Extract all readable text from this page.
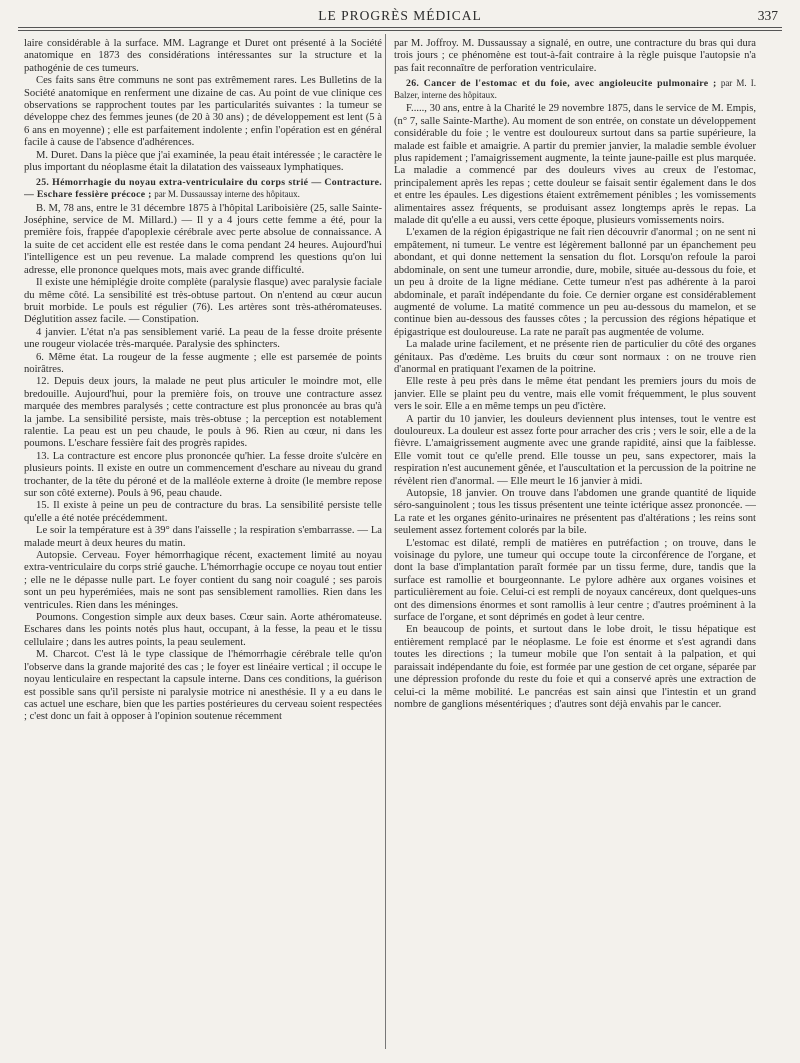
LE PROGRÈS MÉDICAL	337

laire considérable à la surface. MM. Lagrange et Duret ont présenté à la Société anatomique en 1873 des considérations intéressantes sur la structure et la pathogénie de ces tumeurs.

Ces faits sans être communs ne sont pas extrêmement rares. Les Bulletins de la Société anatomique en renferment une dizaine de cas. Au point de vue clinique ces observations se rapprochent toutes par les particularités suivantes : la tumeur se développe chez des femmes jeunes (de 20 à 30 ans) ; de développement est lent (5 à 6 ans en moyenne) ; elle est parfaitement indolente ; enfin l'opération est en général facile à cause de l'absence d'adhérences.

M. Duret. Dans la pièce que j'ai examinée, la peau était intéressée ; le caractère le plus important du néoplasme était la dilatation des vaisseaux lymphatiques.

25. Hémorrhagie du noyau extra-ventriculaire du corps strié — Contracture. — Eschare fessière précoce ; par M. Dussaussay interne des hôpitaux.

B. M, 78 ans, entre le 31 décembre 1875 à l'hôpital Lariboisière (25, salle Sainte-Joséphine, service de M. Millard.) — Il y a 4 jours cette femme a été, pour la première fois, frappée d'apoplexie cérébrale avec perte absolue de connaissance. A la suite de cet accident elle est restée dans le coma pendant 24 heures. Aujourd'hui l'intelligence est un peu revenue. La malade comprend les questions qu'on lui adresse, elle prononce quelques mots, mais avec grande difficulté.

Il existe une hémiplégie droite complète (paralysie flasque) avec paralysie faciale du même côté. La sensibilité est très-obtuse partout. On n'entend au cœur aucun bruit morbide. Le pouls est régulier (76). Les artères sont très-athéromateuses. Déglutition assez facile. — Constipation.

4 janvier. L'état n'a pas sensiblement varié. La peau de la fesse droite présente une rougeur violacée très-marquée. Paralysie des sphincters.

6. Même état. La rougeur de la fesse augmente ; elle est parsemée de points noirâtres.

12. Depuis deux jours, la malade ne peut plus articuler le moindre mot, elle bredouille. Aujourd'hui, pour la première fois, on trouve une contracture assez marquée des membres paralysés ; cette contracture est plus prononcée au bras qu'à la jambe. La sensibilité persiste, mais très-obtuse ; la perception est notablement ralentie. La peau est un peu chaude, le pouls à 96. Rien au cœur, ni dans les poumons. L'eschare fessière fait des progrès rapides.

13. La contracture est encore plus prononcée qu'hier. La fesse droite s'ulcère en plusieurs points. Il existe en outre un commencement d'eschare au niveau du grand trochanter, de la tête du péroné et de la malléole externe à droite (le membre repose sur son côté externe). Pouls à 96, peau chaude.

15. Il existe à peine un peu de contracture du bras. La sensibilité persiste telle qu'elle a été notée précédemment.

Le soir la température est à 39° dans l'aisselle ; la respiration s'embarrasse. — La malade meurt à deux heures du matin.

Autopsie. Cerveau. Foyer hémorrhagique récent, exactement limité au noyau extra-ventriculaire du corps strié gauche. L'hémorrhagie occupe ce noyau tout entier ; elle ne le dépasse nulle part. Le foyer contient du sang noir coagulé ; ses parois sont un peu hyperémiées, mais ne sont pas sensiblement ramollies. Rien dans les ventricules. Rien dans les méninges.

Poumons. Congestion simple aux deux bases. Cœur sain. Aorte athéromateuse. Eschares dans les points notés plus haut, occupant, à la fesse, la peau et le tissu cellulaire ; dans les autres points, la peau seulement.

M. Charcot. C'est là le type classique de l'hémorrhagie cérébrale telle qu'on l'observe dans la grande majorité des cas ; le foyer est linéaire vertical ; il occupe le noyau lenticulaire en respectant la capsule interne. Dans ces conditions, la guérison est possible sans qu'il persiste ni paralysie motrice ni anesthésie. Il y a eu dans le cas actuel une eschare, bien que les parties postérieures du cerveau soient respectées ; c'est donc un fait à opposer à l'opinion soutenue récemment

par M. Joffroy. M. Dussaussay a signalé, en outre, une contracture du bras qui dura trois jours ; ce phénomène est tout-à-fait contraire à la règle puisque l'autopsie n'a pas fait reconnaître de perforation ventriculaire.

26. Cancer de l'estomac et du foie, avec angioleucite pulmonaire ; par M. I. Balzer, interne des hôpitaux.

F....., 30 ans, entre à la Charité le 29 novembre 1875, dans le service de M. Empis, (n° 7, salle Sainte-Marthe). Au moment de son entrée, on constate un développement considérable du foie ; le ventre est douloureux surtout dans sa partie supérieure, la malade est faible et amaigrie. A partir du premier janvier, la maladie semble évoluer plus rapidement ; l'amaigrissement augmente, la teinte jaune-paille est plus marquée. La maladie a commencé par des douleurs vives au creux de l'estomac, principalement après les repas ; cette douleur se faisait sentir également dans le dos et entre les épaules. Les digestions étaient extrêmement pénibles ; les vomissements alimentaires assez fréquents, se produisant assez longtemps après le repas. La malade dit qu'elle a eu aussi, vers cette époque, plusieurs vomissements noirs.

L'examen de la région épigastrique ne fait rien découvrir d'anormal ; on ne sent ni empâtement, ni tumeur. Le ventre est légèrement ballonné par un épanchement peu abondant, et qui donne nettement la sensation du flot. Lorsqu'on refoule la paroi abdominale, on sent une tumeur arrondie, dure, mobile, située au-dessous du foie, et un peu à droite de la ligne médiane. Cette tumeur n'est pas adhérente à la paroi abdominale, et paraît indépendante du foie. Ce dernier organe est considérablement augmenté de volume. La matité commence un peu au-dessous du mamelon, et se continue bien au-dessous des fausses côtes ; la percussion des régions hépatique et épigastrique est douloureuse. La rate ne paraît pas augmentée de volume.

La malade urine facilement, et ne présente rien de particulier du côté des organes génitaux. Pas d'œdème. Les bruits du cœur sont normaux : on ne trouve rien d'anormal en pratiquant l'examen de la poitrine.

Elle reste à peu près dans le même état pendant les premiers jours du mois de janvier. Elle se plaint peu du ventre, mais elle vomit fréquemment, le plus souvent vers le soir. Elle a en même temps un peu d'ictère.

A partir du 10 janvier, les douleurs deviennent plus intenses, tout le ventre est douloureux. La douleur est assez forte pour arracher des cris ; vers le soir, elle a de la fièvre. L'amaigrissement augmente avec une grande rapidité, ainsi que la faiblesse. Elle vomit tout ce qu'elle prend. Elle tousse un peu, sans expectorer, mais la respiration n'est aucunement gênée, et l'auscultation et la percussion de la poitrine ne révèlent rien d'anormal. — Elle meurt le 16 janvier à midi.

Autopsie, 18 janvier. On trouve dans l'abdomen une grande quantité de liquide séro-sanguinolent ; tous les tissus présentent une teinte ictérique assez prononcée. — La rate et les organes génito-urinaires ne présentent pas d'altérations ; les reins sont seulement assez fortement colorés par la bile.

L'estomac est dilaté, rempli de matières en putréfaction ; on trouve, dans le voisinage du pylore, une tumeur qui occupe toute la circonférence de l'organe, et dont la base d'implantation paraît formée par un tissu ferme, dure, tandis que la surface est ramollie et bourgeonnante. Le pylore adhère aux organes voisines et particulièrement au foie. Celui-ci est rempli de noyaux cancéreux, dont quelques-uns ont des dimensions énormes et sont ramollis à leur centre ; d'autres proéminent à la surface de l'organe, et sont déprimés en godet à leur centre.

En beaucoup de points, et surtout dans le lobe droit, le tissu hépatique est entièrement remplacé par le néoplasme. Le foie est énorme et s'est agrandi dans toutes les directions ; la tumeur mobile que l'on sentait à la palpation, et qui paraissait indépendante du foie, est formée par une gestion de cet organe, séparée par une dépression profonde du reste du foie et qui a conservé après une extraction de celui-ci la même mobilité. Le pancréas est sain ainsi que l'intestin et un grand nombre de ganglions mésentériques ; d'autres sont déjà envahis par le cancer.
